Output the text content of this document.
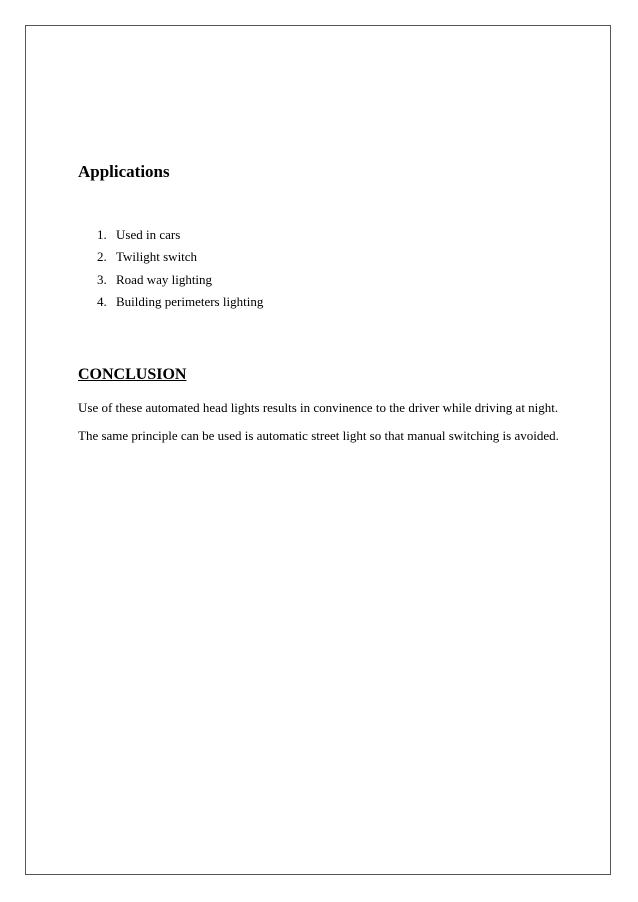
Applications
1. Used in cars
2. Twilight switch
3. Road way lighting
4. Building perimeters lighting
CONCLUSION

Use of these automated head lights results in convinence to the driver while driving at night.

The same principle can be used is automatic street light so that manual switching is avoided.
